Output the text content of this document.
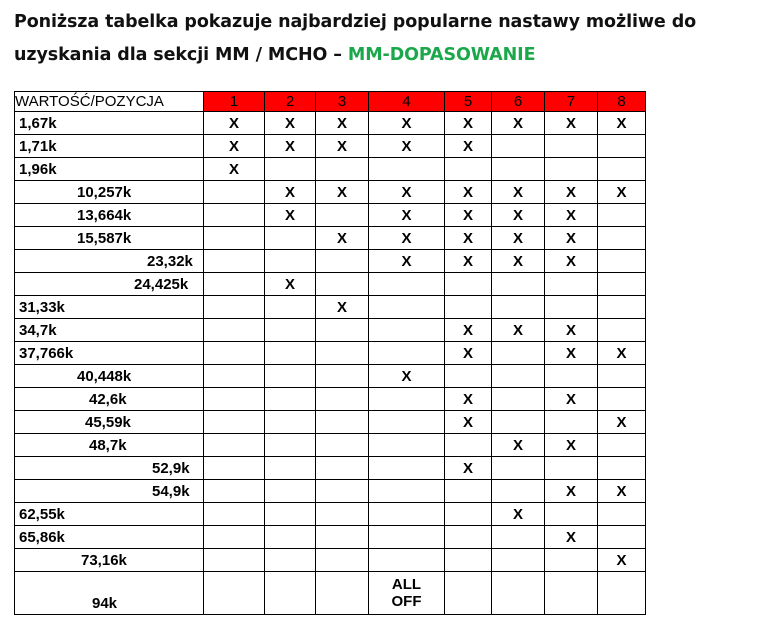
Poniższa tabelka pokazuje najbardziej popularne nastawy możliwe do
uzyskania dla sekcji MM / MCHO – MM-DOPASOWANIE
WARTOŚĆ/POZYCJA	1	2	3	4	5	6	7	8
1,67k	X	X	X	X	X	X	X	X
1,71k	X	X	X	X	X			
1,96k	X							
10,257k		X	X	X	X	X	X	X
13,664k		X		X	X	X	X	
15,587k			X	X	X	X	X	
23,32k				X	X	X	X	
24,425k		X						
31,33k			X					
34,7k					X	X	X	
37,766k					X		X	X
40,448k				X				
42,6k					X		X	
45,59k					X			X
48,7k						X	X	
52,9k					X			
54,9k							X	X
62,55k						X		
65,86k							X	
73,16k								X
94k				ALL
OFF				
